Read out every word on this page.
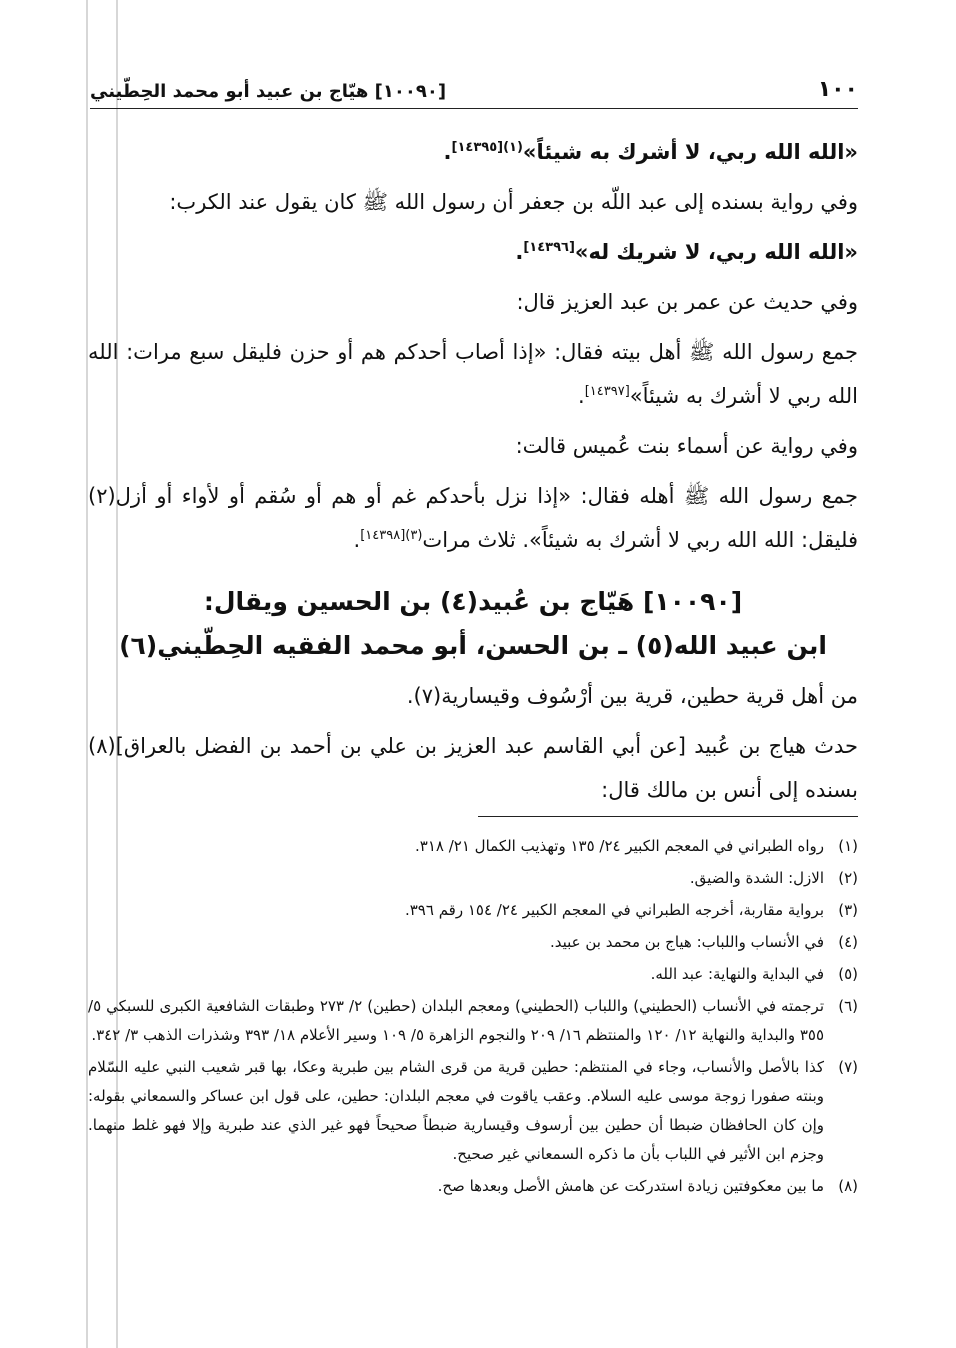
١٠٠
[١٠٠٩٠] هيّاج بن عبيد أبو محمد الحِطّيني
«الله الله ربي، لا أشرك به شيئاً»$^{(١)[١٤٣٩٥]}$.
وفي رواية بسنده إلى عبد اللّه بن جعفر أن رسول الله ﷺ كان يقول عند الكرب:
«الله الله ربي، لا شريك له»[١٤٣٩٦].
وفي حديث عن عمر بن عبد العزيز قال:
جمع رسول الله ﷺ أهل بيته فقال: «إذا أصاب أحدكم هم أو حزن فليقل سبع مرات: الله الله ربي لا أشرك به شيئاً»[١٤٣٩٧].
وفي رواية عن أسماء بنت عُميس قالت:
جمع رسول الله ﷺ أهله فقال: «إذا نزل بأحدكم غم أو هم أو سُقم أو لأواء أو أزل(٢) فليقل: الله الله ربي لا أشرك به شيئاً». ثلاث مرات$^{(٣)[١٤٣٩٨]}$.
[١٠٠٩٠] هَيّاج بن عُبيد(٤) بن الحسين ويقال:
ابن عبيد الله(٥) ـ بن الحسن، أبو محمد الفقيه الحِطّيني(٦)
من أهل قرية حطين، قرية بين أرْسُوف وقيسارية(٧).
حدث هياج بن عُبيد [عن أبي القاسم عبد العزيز بن علي بن أحمد بن الفضل بالعراق](٨) بسنده إلى أنس بن مالك قال:
(١)
رواه الطبراني في المعجم الكبير ٢٤/ ١٣٥ وتهذيب الكمال ٢١/ ٣١٨.
(٢)
الازل: الشدة والضيق.
(٣)
برواية مقاربة، أخرجه الطبراني في المعجم الكبير ٢٤/ ١٥٤ رقم ٣٩٦.
(٤)
في الأنساب واللباب: هياج بن محمد بن عبيد.
(٥)
في البداية والنهاية: عبد الله.
(٦)
ترجمته في الأنساب (الحطيني) واللباب (الحطيني) ومعجم البلدان (حطين) ٢/ ٢٧٣ وطبقات الشافعية الكبرى للسبكي ٥/ ٣٥٥ والبداية والنهاية ١٢/ ١٢٠ والمنتظم ١٦/ ٢٠٩ والنجوم الزاهرة ٥/ ١٠٩ وسير الأعلام ١٨/ ٣٩٣ وشذرات الذهب ٣/ ٣٤٢.
(٧)
كذا بالأصل والأنساب، وجاء في المنتظم: حطين قرية من قرى الشام بين طبرية وعكا، بها قبر شعيب النبي عليه السّلام وبنته صفورا زوجة موسى عليه السلام. وعقب ياقوت في معجم البلدان: حطين، على قول ابن عساكر والسمعاني بقوله: وإن كان الحافظان ضبطا أن حطين بين أرسوف وقيسارية ضبطاً صحيحاً فهو غير الذي عند طبرية وإلا فهو غلط منهما. وجزم ابن الأثير في اللباب بأن ما ذكره السمعاني غير صحيح.
(٨)
ما بين معكوفتين زيادة استدركت عن هامش الأصل وبعدها صح.
